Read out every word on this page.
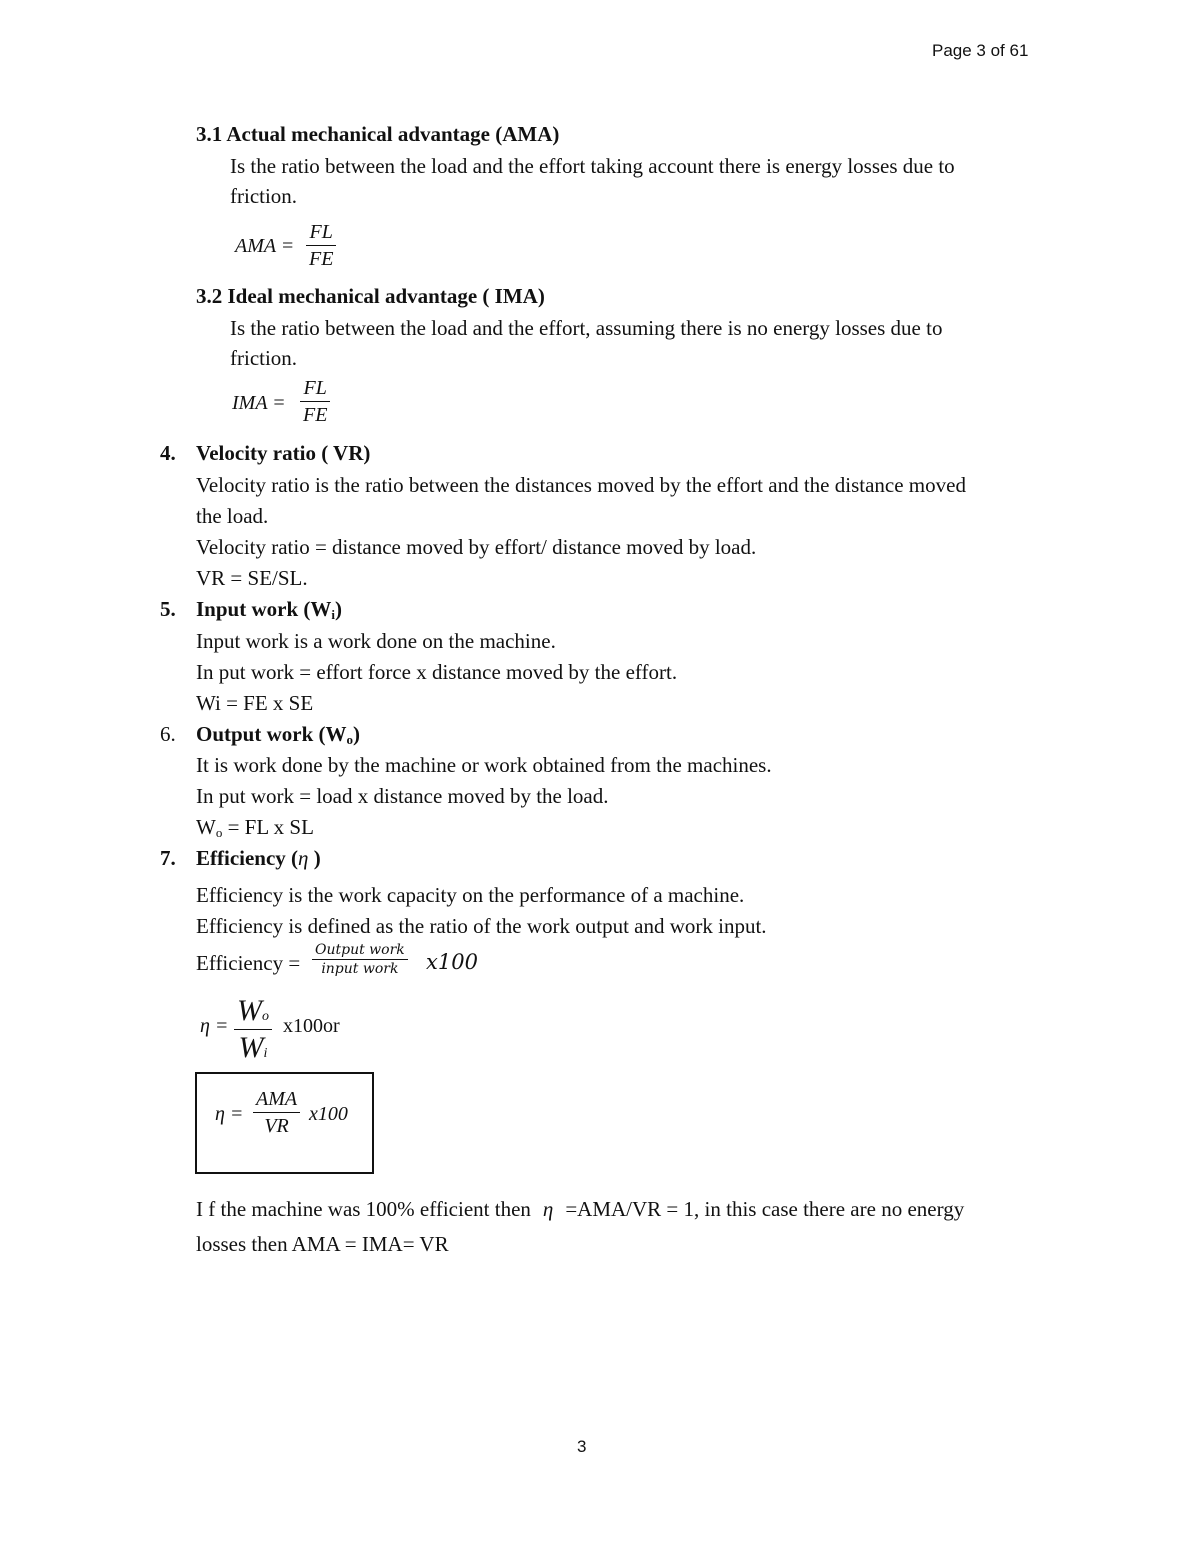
Page 3 of 61
3.1 Actual mechanical advantage (AMA)
Is the ratio between the load and the effort taking account there is energy losses due to
friction.
AMA =
FL
FE
3.2 Ideal mechanical advantage ( IMA)
Is the ratio between the load and the effort, assuming there is no energy losses due to
friction.
IMA =
FL
FE
4. Velocity ratio ( VR)
Velocity ratio is the ratio between the distances moved by the effort and the distance moved
the load.
Velocity ratio = distance moved by effort/ distance moved by load.
VR = SE/SL.
5. Input work $(W_i)$
Input work is a work done on the machine.
In put work = effort force x distance moved by the effort.
Wi = FE x SE
6. Output work $(W_o)$
It is work done by the machine or work obtained from the machines.
In put work = load x distance moved by the load.
$W_o$ = FL x SL
7. Efficiency (η )
Efficiency is the work capacity on the performance of a machine.
Efficiency is defined as the ratio of the work output and work input.
Efficiency =
Output work
input work	x100
η = Wo
Wi
x100or
η =
AMA
VR
x100
I f the machine was 100% efficient then η =AMA/VR = 1, in this case there are no energy
losses then AMA = IMA= VR
3
